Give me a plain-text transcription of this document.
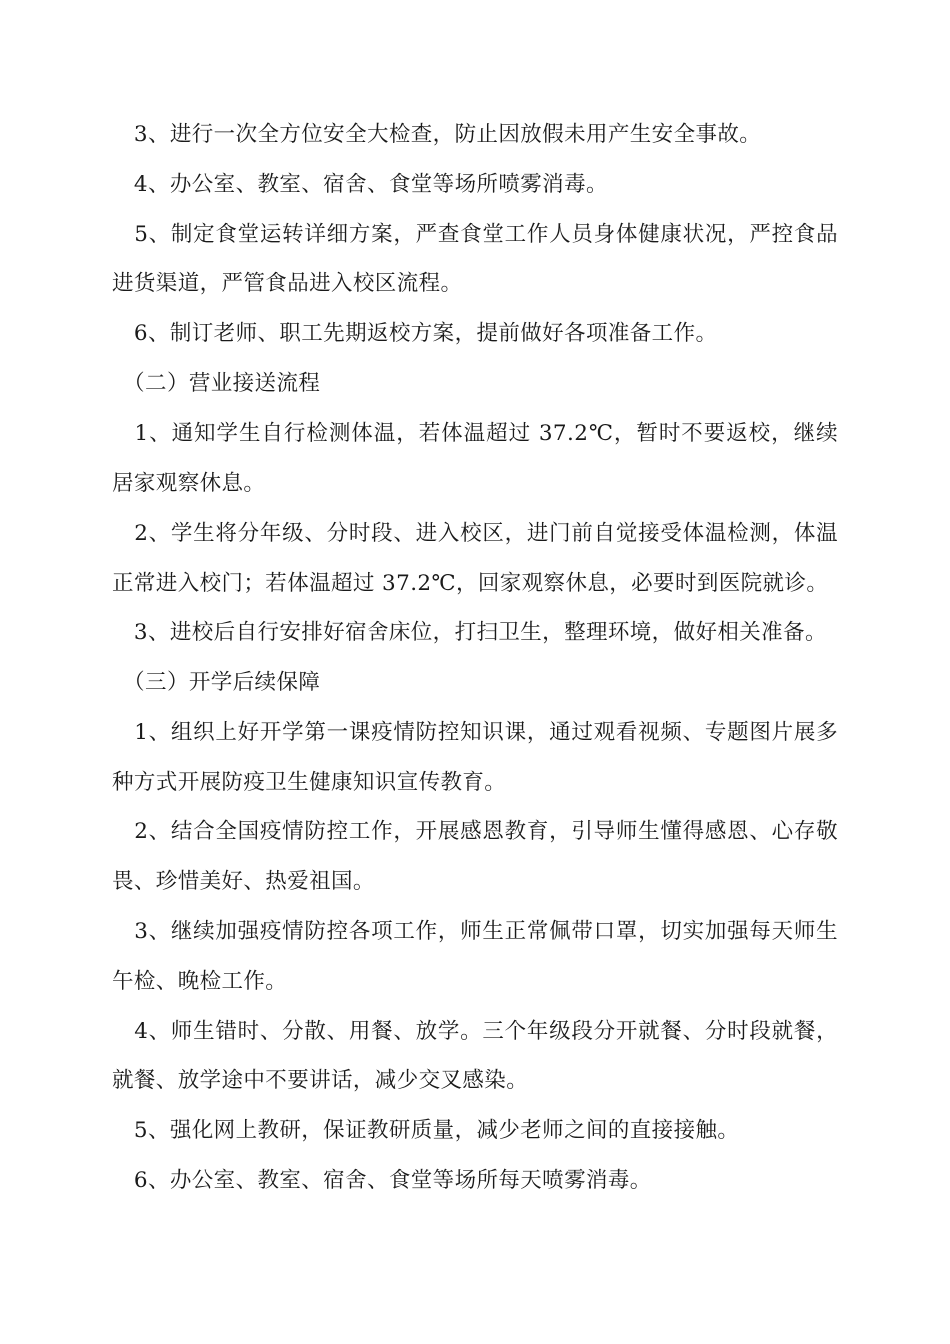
　3、进行一次全方位安全大检查，防止因放假未用产生安全事故。
　4、办公室、教室、宿舍、食堂等场所喷雾消毒。
　5、制定食堂运转详细方案，严查食堂工作人员身体健康状况，严控食品
进货渠道，严管食品进入校区流程。
　6、制订老师、职工先期返校方案，提前做好各项准备工作。
　（二）营业接送流程
　1、通知学生自行检测体温，若体温超过 37.2℃，暂时不要返校，继续
居家观察休息。
　2、学生将分年级、分时段、进入校区，进门前自觉接受体温检测，体温
正常进入校门；若体温超过 37.2℃，回家观察休息，必要时到医院就诊。
　3、进校后自行安排好宿舍床位，打扫卫生，整理环境，做好相关准备。
　（三）开学后续保障
　1、组织上好开学第一课疫情防控知识课，通过观看视频、专题图片展多
种方式开展防疫卫生健康知识宣传教育。
　2、结合全国疫情防控工作，开展感恩教育，引导师生懂得感恩、心存敬
畏、珍惜美好、热爱祖国。
　3、继续加强疫情防控各项工作，师生正常佩带口罩，切实加强每天师生
午检、晚检工作。
　4、师生错时、分散、用餐、放学。三个年级段分开就餐、分时段就餐，
就餐、放学途中不要讲话，减少交叉感染。
　5、强化网上教研，保证教研质量，减少老师之间的直接接触。
　6、办公室、教室、宿舍、食堂等场所每天喷雾消毒。
